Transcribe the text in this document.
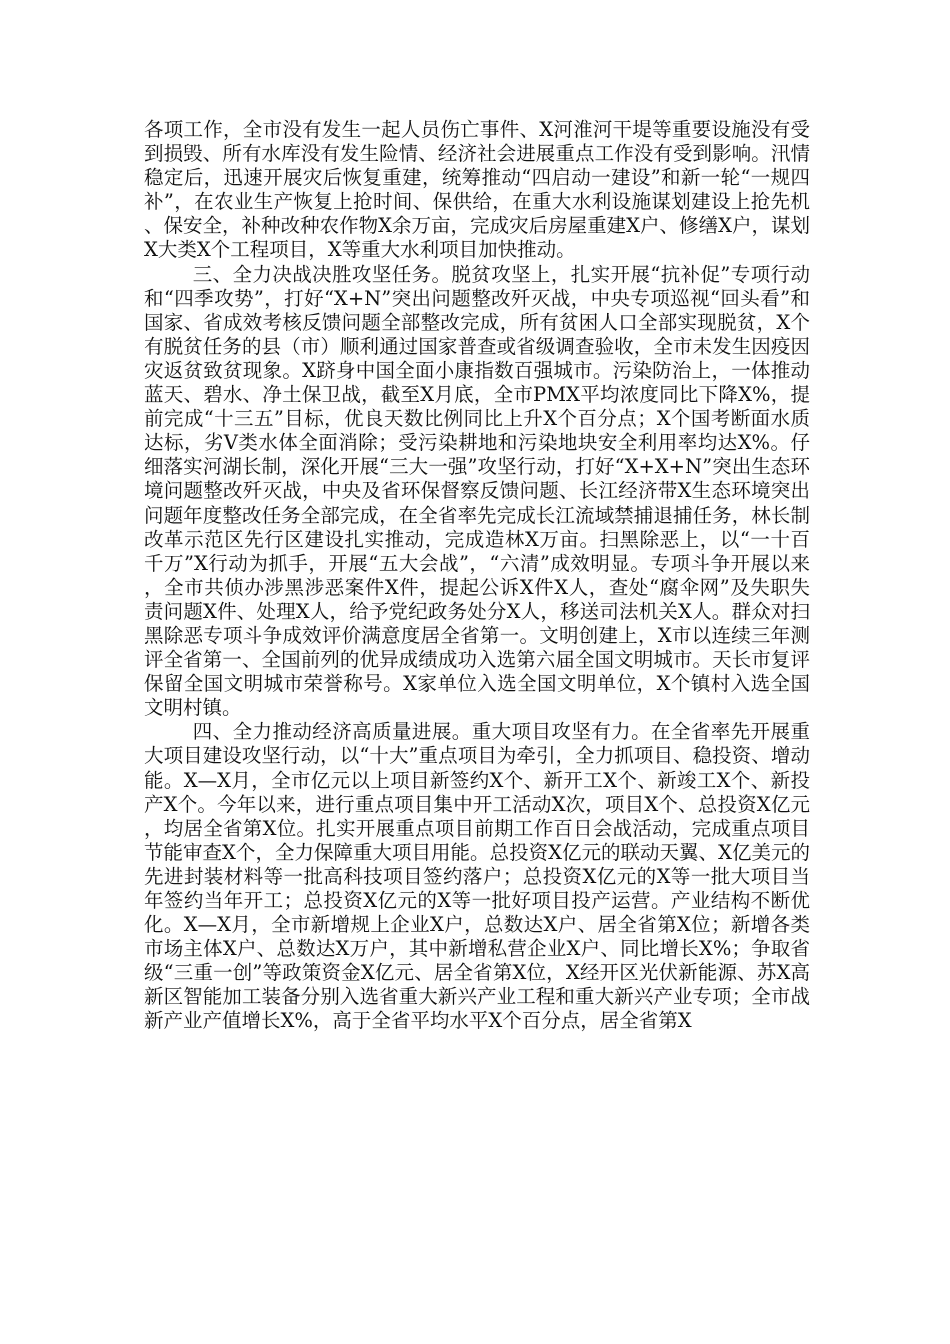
各项工作，全市没有发生一起人员伤亡事件、X河淮河干堤等重要设施没有受到损毁、所有水库没有发生险情、经济社会进展重点工作没有受到影响。汛情稳定后，迅速开展灾后恢复重建，统筹推动“四启动一建设”和新一轮“一规四补”，在农业生产恢复上抢时间、保供给，在重大水利设施谋划建设上抢先机、保安全，补种改种农作物X余万亩，完成灾后房屋重建X户、修缮X户，谋划X大类X个工程项目，X等重大水利项目加快推动。

三、全力决战决胜攻坚任务。脱贫攻坚上，扎实开展“抗补促”专项行动和“四季攻势”，打好“X+N”突出问题整改歼灭战，中央专项巡视“回头看”和国家、省成效考核反馈问题全部整改完成，所有贫困人口全部实现脱贫，X个有脱贫任务的县（市）顺利通过国家普查或省级调查验收，全市未发生因疫因灾返贫致贫现象。X跻身中国全面小康指数百强城市。污染防治上，一体推动蓝天、碧水、净土保卫战，截至X月底，全市PMX平均浓度同比下降X%，提前完成“十三五”目标，优良天数比例同比上升X个百分点；X个国考断面水质达标，劣Ⅴ类水体全面消除；受污染耕地和污染地块安全利用率均达X%。仔细落实河湖长制，深化开展“三大一强”攻坚行动，打好“X+X+N”突出生态环境问题整改歼灭战，中央及省环保督察反馈问题、长江经济带X生态环境突出问题年度整改任务全部完成，在全省率先完成长江流域禁捕退捕任务，林长制改革示范区先行区建设扎实推动，完成造林X万亩。扫黑除恶上，以“一十百千万”X行动为抓手，开展“五大会战”，“六清”成效明显。专项斗争开展以来，全市共侦办涉黑涉恶案件X件，提起公诉X件X人，查处“腐伞网”及失职失责问题X件、处理X人，给予党纪政务处分X人，移送司法机关X人。群众对扫黑除恶专项斗争成效评价满意度居全省第一。文明创建上，X市以连续三年测评全省第一、全国前列的优异成绩成功入选第六届全国文明城市。天长市复评保留全国文明城市荣誉称号。X家单位入选全国文明单位，X个镇村入选全国文明村镇。

四、全力推动经济高质量进展。重大项目攻坚有力。在全省率先开展重大项目建设攻坚行动，以“十大”重点项目为牵引，全力抓项目、稳投资、增动能。X—X月，全市亿元以上项目新签约X个、新开工X个、新竣工X个、新投产X个。今年以来，进行重点项目集中开工活动X次，项目X个、总投资X亿元，均居全省第X位。扎实开展重点项目前期工作百日会战活动，完成重点项目节能审查X个，全力保障重大项目用能。总投资X亿元的联动天翼、X亿美元的先进封装材料等一批高科技项目签约落户；总投资X亿元的X等一批大项目当年签约当年开工；总投资X亿元的X等一批好项目投产运营。产业结构不断优化。X—X月，全市新增规上企业X户，总数达X户、居全省第X位；新增各类市场主体X户、总数达X万户，其中新增私营企业X户、同比增长X%；争取省级“三重一创”等政策资金X亿元、居全省第X位，X经开区光伏新能源、苏X高新区智能加工装备分别入选省重大新兴产业工程和重大新兴产业专项；全市战新产业产值增长X%，高于全省平均水平X个百分点，居全省第X
